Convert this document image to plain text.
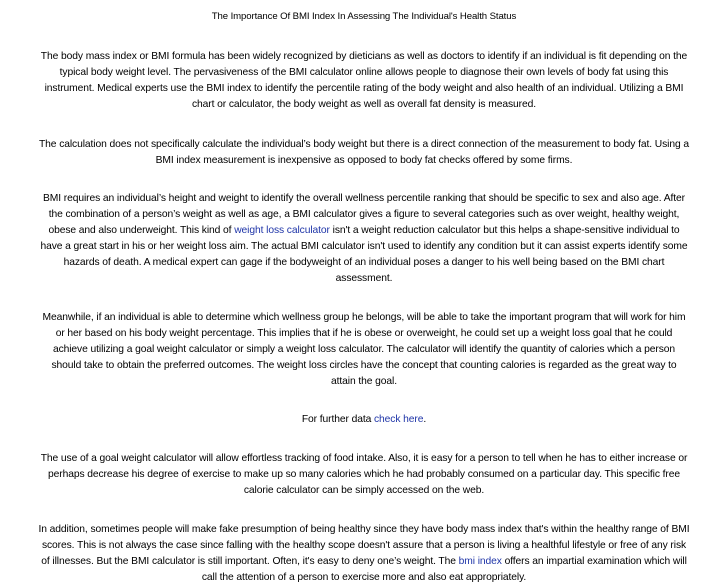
The Importance Of BMI Index In Assessing The Individual's Health Status

The body mass index or BMI formula has been widely recognized by dieticians as well as doctors to identify if an individual is fit depending on the typical body weight level. The pervasiveness of the BMI calculator online allows people to diagnose their own levels of body fat using this instrument. Medical experts use the BMI index to identify the percentile rating of the body weight and also health of an individual. Utilizing a BMI chart or calculator, the body weight as well as overall fat density is measured.

The calculation does not specifically calculate the individual’s body weight but there is a direct connection of the measurement to body fat. Using a BMI index measurement is inexpensive as opposed to body fat checks offered by some firms.

BMI requires an individual’s height and weight to identify the overall wellness percentile ranking that should be specific to sex and also age. After the combination of a person’s weight as well as age, a BMI calculator gives a figure to several categories such as over weight, healthy weight, obese and also underweight. This kind of weight loss calculator isn't a weight reduction calculator but this helps a shape-sensitive individual to have a great start in his or her weight loss aim. The actual BMI calculator isn't used to identify any condition but it can assist experts identify some hazards of death. A medical expert can gage if the bodyweight of an individual poses a danger to his well being based on the BMI chart assessment.

Meanwhile, if an individual is able to determine which wellness group he belongs, will be able to take the important program that will work for him or her based on his body weight percentage. This implies that if he is obese or overweight, he could set up a weight loss goal that he could achieve utilizing a goal weight calculator or simply a weight loss calculator. The calculator will identify the quantity of calories which a person should take to obtain the preferred outcomes. The weight loss circles have the concept that counting calories is regarded as the great way to attain the goal.

For further data check here.

The use of a goal weight calculator will allow effortless tracking of food intake. Also, it is easy for a person to tell when he has to either increase or perhaps decrease his degree of exercise to make up so many calories which he had probably consumed on a particular day. This specific free calorie calculator can be simply accessed on the web.

In addition, sometimes people will make fake presumption of being healthy since they have body mass index that's within the healthy range of BMI scores. This is not always the case since falling with the healthy scope doesn't assure that a person is living a healthful lifestyle or free of any risk of illnesses. But the BMI calculator is still important. Often, it's easy to deny one’s weight. The bmi index offers an impartial examination which will call the attention of a person to exercise more and also eat appropriately.
